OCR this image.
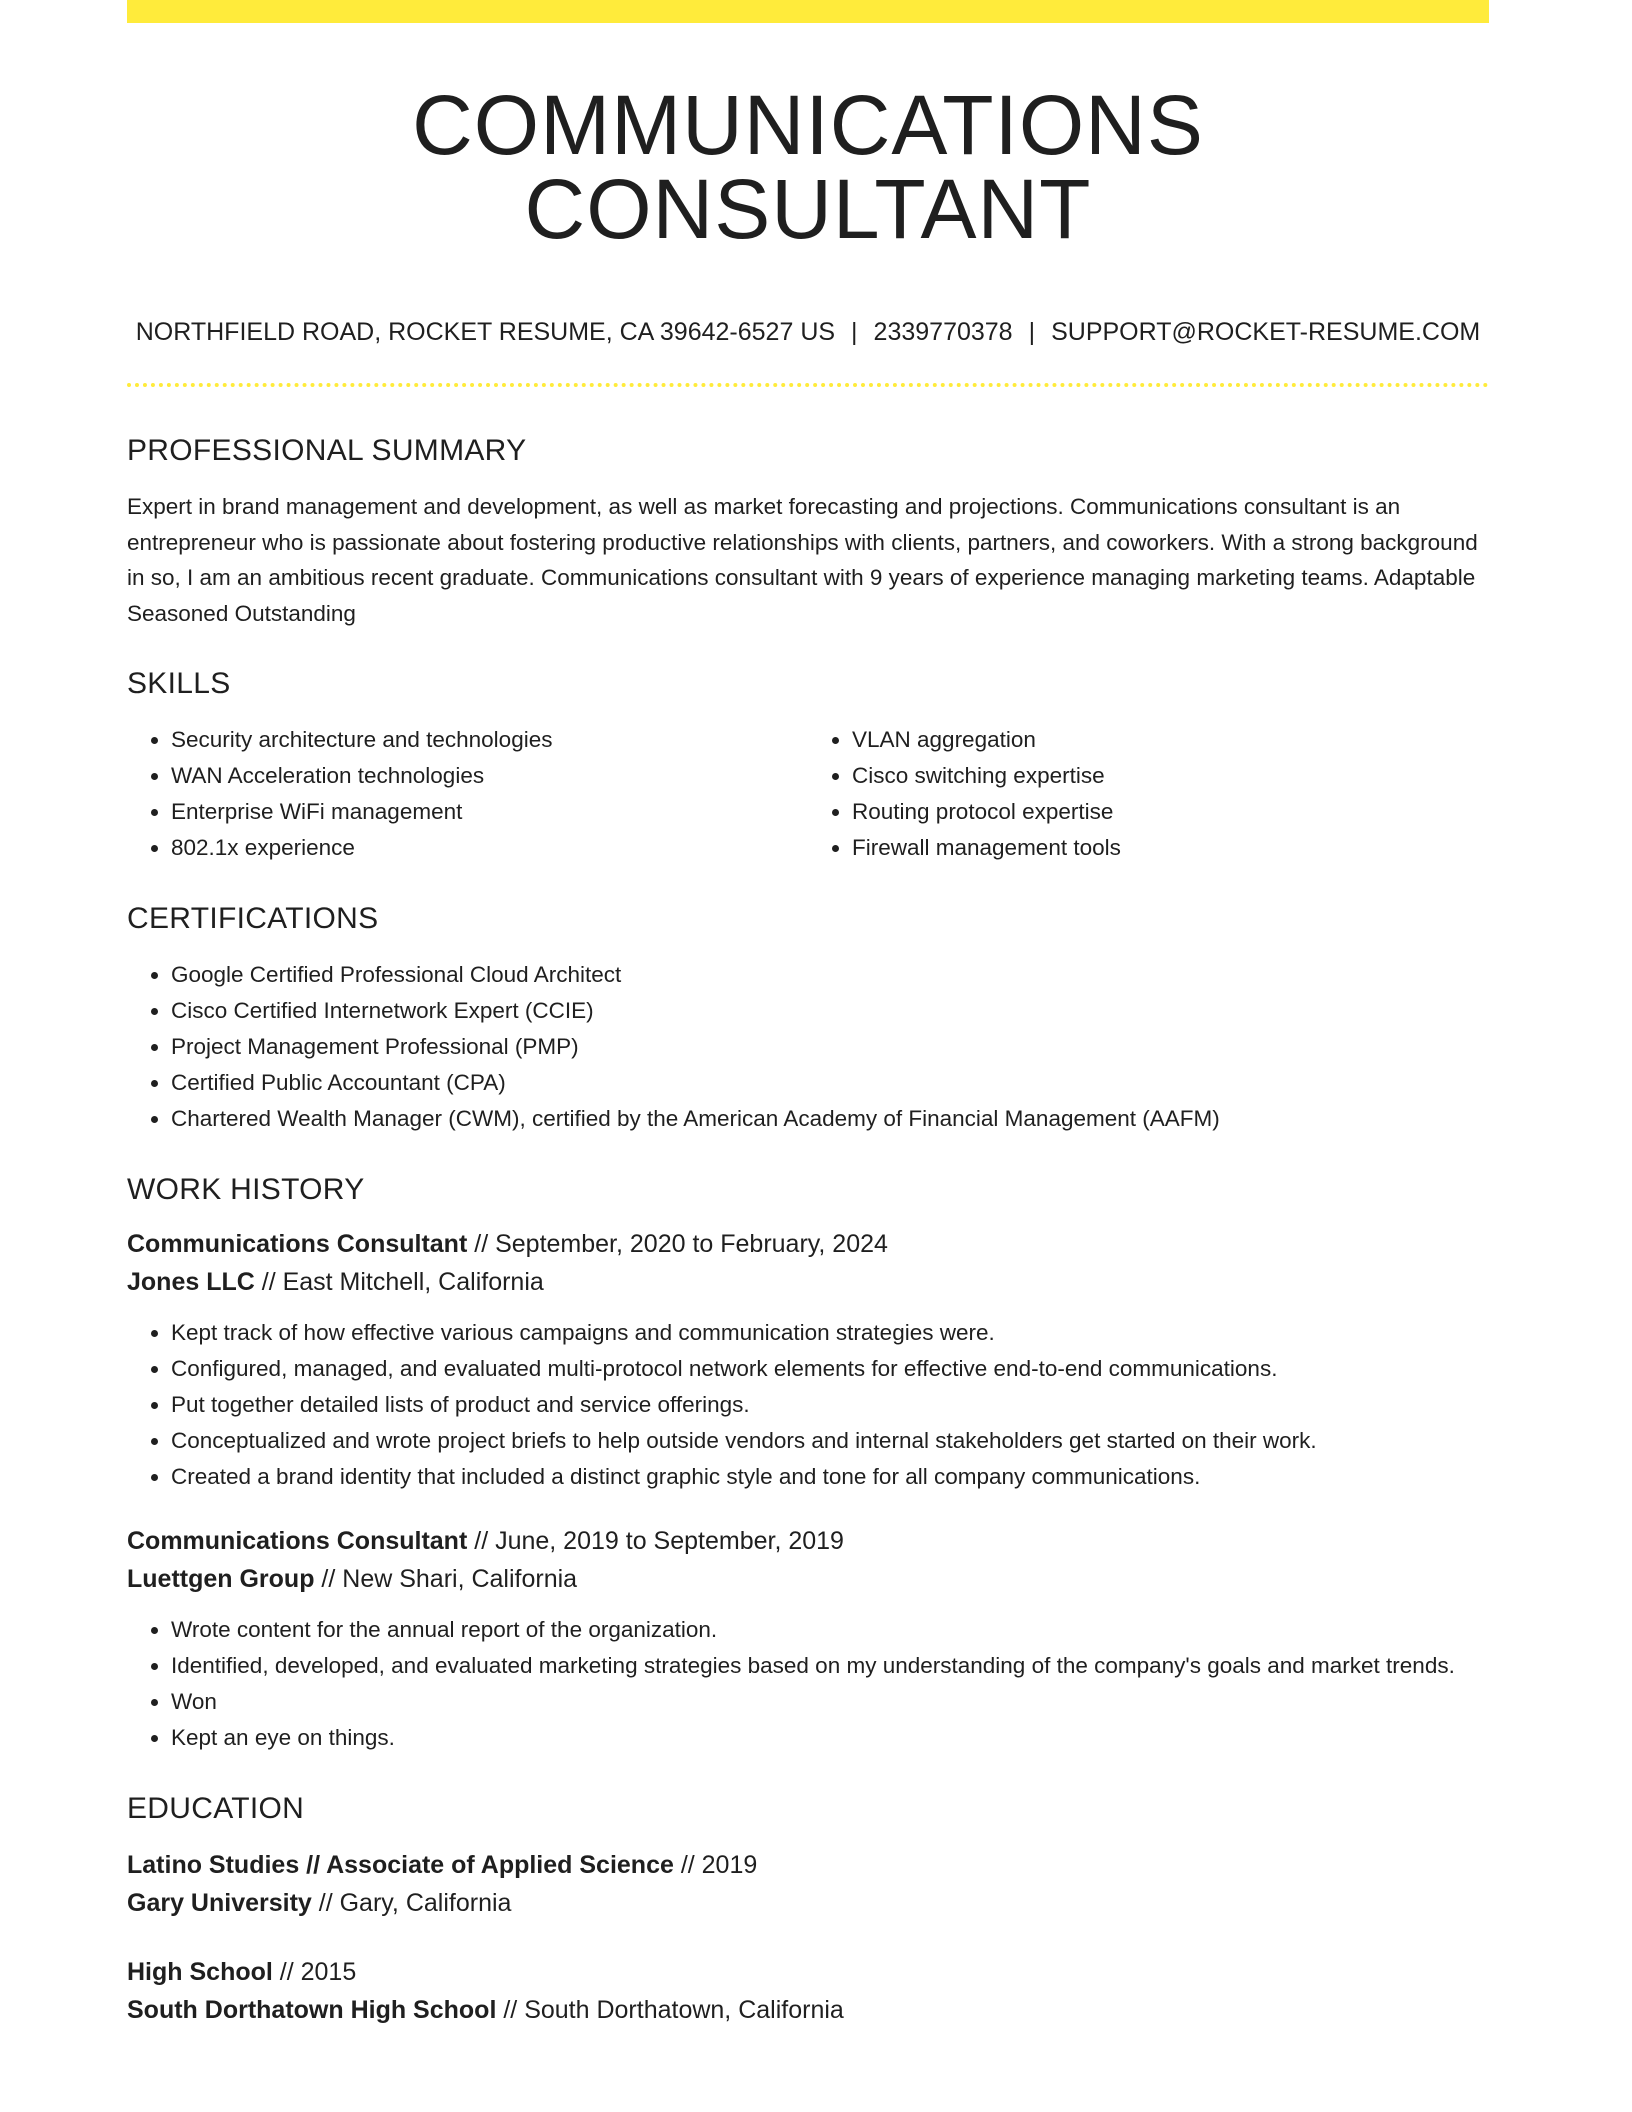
COMMUNICATIONS CONSULTANT
NORTHFIELD ROAD, ROCKET RESUME, CA 39642-6527 US | 2339770378 | SUPPORT@ROCKET-RESUME.COM
PROFESSIONAL SUMMARY

Expert in brand management and development, as well as market forecasting and projections. Communications consultant is an entrepreneur who is passionate about fostering productive relationships with clients, partners, and coworkers. With a strong background in so, I am an ambitious recent graduate. Communications consultant with 9 years of experience managing marketing teams. Adaptable Seasoned Outstanding

SKILLS
• Security architecture and technologies
• WAN Acceleration technologies
• Enterprise WiFi management
• 802.1x experience
• VLAN aggregation
• Cisco switching expertise
• Routing protocol expertise
• Firewall management tools
CERTIFICATIONS
• Google Certified Professional Cloud Architect
• Cisco Certified Internetwork Expert (CCIE)
• Project Management Professional (PMP)
• Certified Public Accountant (CPA)
• Chartered Wealth Manager (CWM), certified by the American Academy of Financial Management (AAFM)
WORK HISTORY
Communications Consultant // September, 2020 to February, 2024
Jones LLC // East Mitchell, California
• Kept track of how effective various campaigns and communication strategies were.
• Configured, managed, and evaluated multi-protocol network elements for effective end-to-end communications.
• Put together detailed lists of product and service offerings.
• Conceptualized and wrote project briefs to help outside vendors and internal stakeholders get started on their work.
• Created a brand identity that included a distinct graphic style and tone for all company communications.
Communications Consultant // June, 2019 to September, 2019
Luettgen Group // New Shari, California
• Wrote content for the annual report of the organization.
• Identified, developed, and evaluated marketing strategies based on my understanding of the company's goals and market trends.
• Won
• Kept an eye on things.
EDUCATION
Latino Studies // Associate of Applied Science // 2019
Gary University // Gary, California
High School // 2015
South Dorthatown High School // South Dorthatown, California
